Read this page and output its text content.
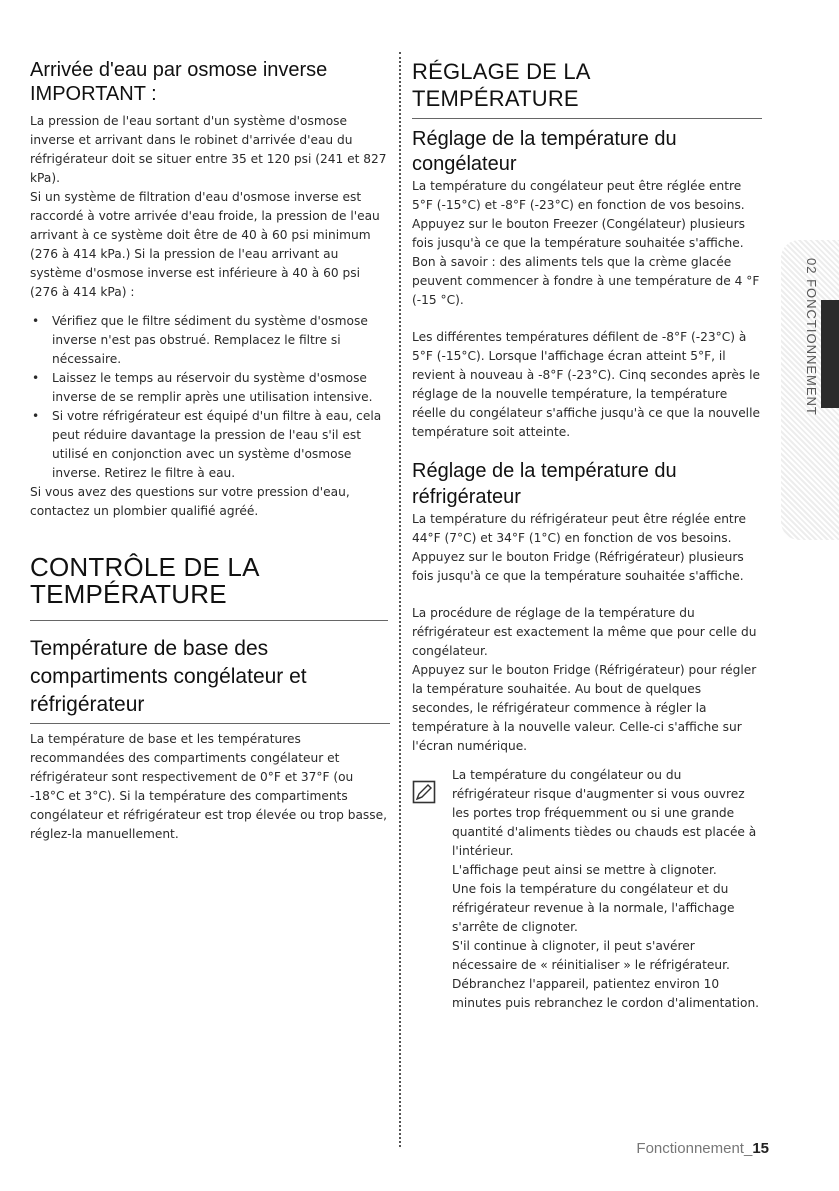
Arrivée d'eau par osmose inverse
IMPORTANT :

La pression de l'eau sortant d'un système d'osmose inverse et arrivant dans le robinet d'arrivée d'eau du réfrigérateur doit se situer entre 35 et 120 psi (241 et 827 kPa).

Si un système de filtration d'eau d'osmose inverse est raccordé à votre arrivée d'eau froide, la pression de l'eau arrivant à ce système doit être de 40 à 60 psi minimum (276 à 414 kPa.) Si la pression de l'eau arrivant au système d'osmose inverse est inférieure à 40 à 60 psi (276 à 414 kPa) :

• Vérifiez que le filtre sédiment du système d'osmose inverse n'est pas obstrué. Remplacez le filtre si nécessaire.
• Laissez le temps au réservoir du système d'osmose inverse de se remplir après une utilisation intensive.
• Si votre réfrigérateur est équipé d'un filtre à eau, cela peut réduire davantage la pression de l'eau s'il est utilisé en conjonction avec un système d'osmose inverse. Retirez le filtre à eau.

Si vous avez des questions sur votre pression d'eau, contactez un plombier qualifié agréé.

CONTRÔLE DE LA TEMPÉRATURE
Température de base des compartiments congélateur et réfrigérateur

La température de base et les températures recommandées des compartiments congélateur et réfrigérateur sont respectivement de 0°F et 37°F (ou -18°C et 3°C). Si la température des compartiments congélateur et réfrigérateur est trop élevée ou trop basse, réglez-la manuellement.

RÉGLAGE DE LA TEMPÉRATURE
Réglage de la température du congélateur

La température du congélateur peut être réglée entre 5°F (-15°C) et -8°F (-23°C) en fonction de vos besoins. Appuyez sur le bouton Freezer (Congélateur) plusieurs fois jusqu'à ce que la température souhaitée s'affiche. Bon à savoir : des aliments tels que la crème glacée peuvent commencer à fondre à une température de 4 °F (-15 °C).

Les différentes températures défilent de -8°F (-23°C) à 5°F (-15°C). Lorsque l'affichage écran atteint 5°F, il revient à nouveau à -8°F (-23°C). Cinq secondes après le réglage de la nouvelle température, la température réelle du congélateur s'affiche jusqu'à ce que la nouvelle température soit atteinte.

Réglage de la température du réfrigérateur

La température du réfrigérateur peut être réglée entre 44°F (7°C) et 34°F (1°C) en fonction de vos besoins. Appuyez sur le bouton Fridge (Réfrigérateur) plusieurs fois jusqu'à ce que la température souhaitée s'affiche.

La procédure de réglage de la température du réfrigérateur est exactement la même que pour celle du congélateur.

Appuyez sur le bouton Fridge (Réfrigérateur) pour régler la température souhaitée. Au bout de quelques secondes, le réfrigérateur commence à régler la température à la nouvelle valeur. Celle-ci s'affiche sur l'écran numérique.

La température du congélateur ou du réfrigérateur risque d'augmenter si vous ouvrez les portes trop fréquemment ou si une grande quantité d'aliments tièdes ou chauds est placée à l'intérieur.

L'affichage peut ainsi se mettre à clignoter.

Une fois la température du congélateur et du réfrigérateur revenue à la normale, l'affichage s'arrête de clignoter.

S'il continue à clignoter, il peut s'avérer nécessaire de « réinitialiser » le réfrigérateur. Débranchez l'appareil, patientez environ 10 minutes puis rebranchez le cordon d'alimentation.

02 FONCTIONNEMENT
Fonctionnement_15
